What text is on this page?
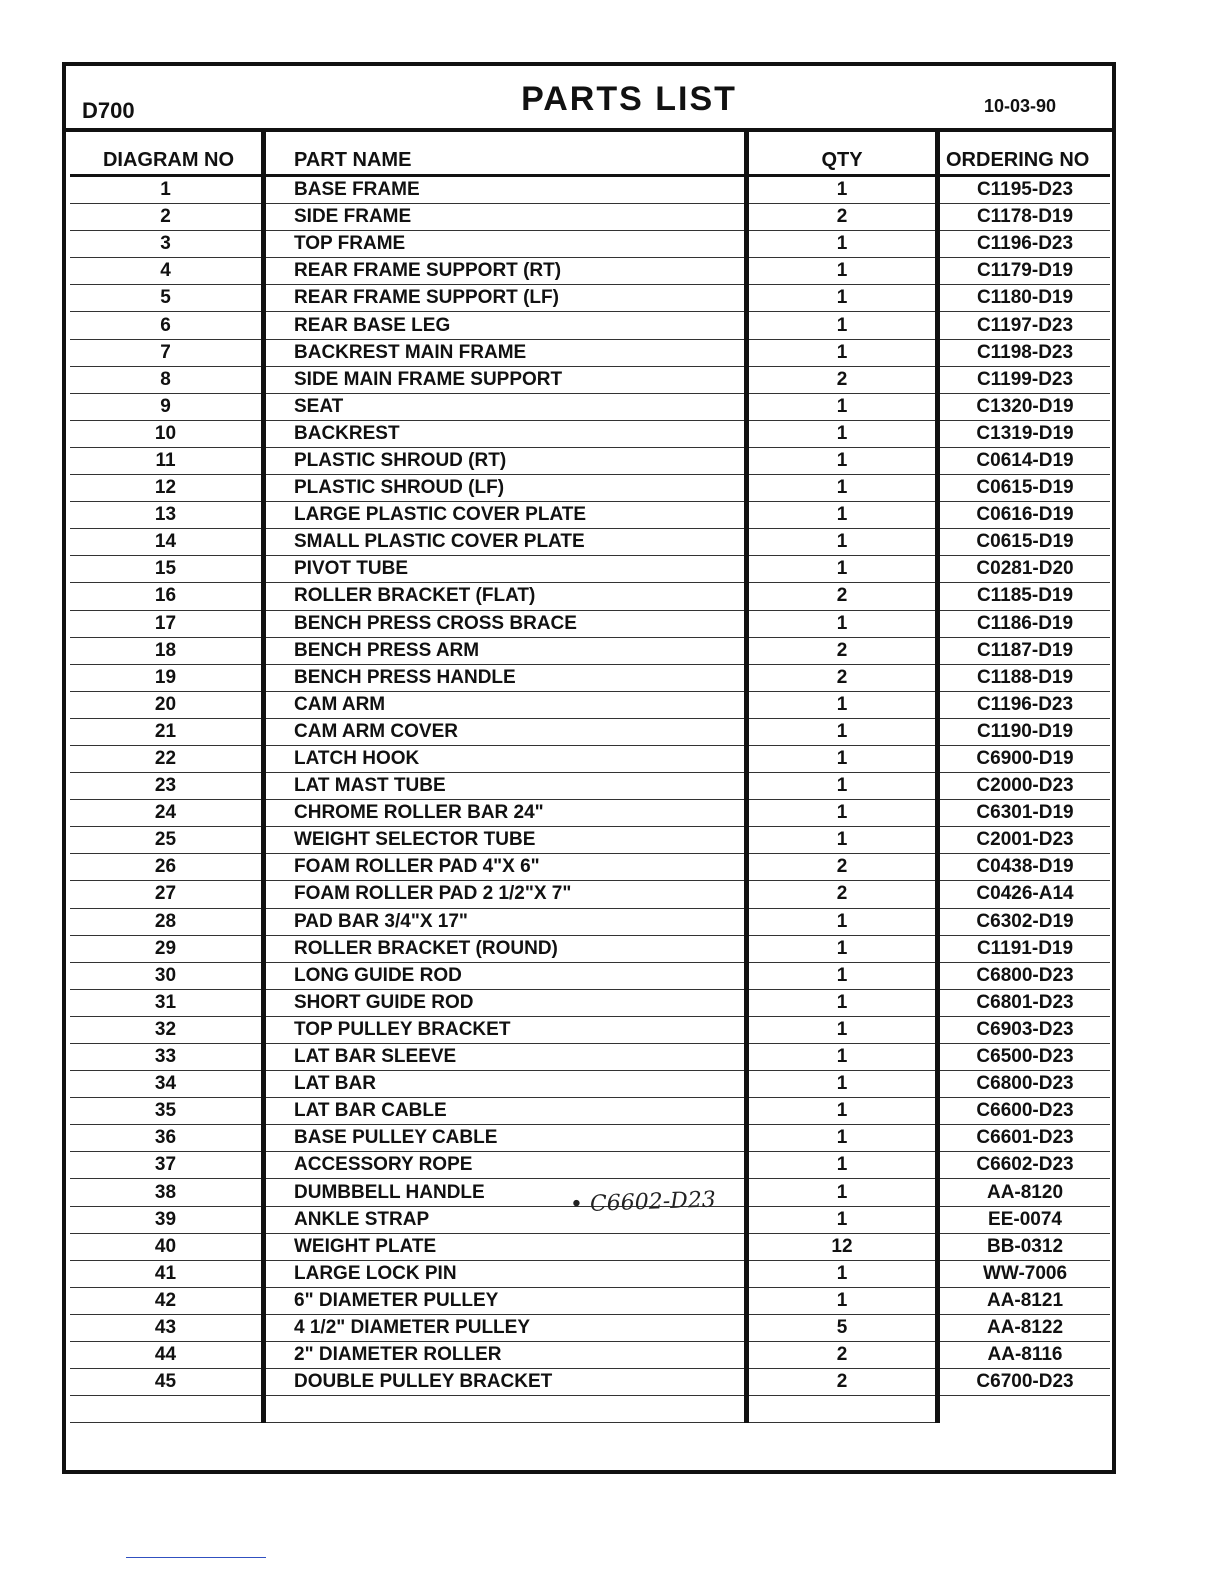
D700	PARTS LIST	10-03-90
DIAGRAM NO	PART NAME	QTY	ORDERING NO
1	BASE FRAME	1	C1195-D23
2	SIDE FRAME	2	C1178-D19
3	TOP FRAME	1	C1196-D23
4	REAR FRAME SUPPORT (RT)	1	C1179-D19
5	REAR FRAME SUPPORT (LF)	1	C1180-D19
6	REAR BASE LEG	1	C1197-D23
7	BACKREST MAIN FRAME	1	C1198-D23
8	SIDE MAIN FRAME SUPPORT	2	C1199-D23
9	SEAT	1	C1320-D19
10	BACKREST	1	C1319-D19
11	PLASTIC SHROUD (RT)	1	C0614-D19
12	PLASTIC SHROUD (LF)	1	C0615-D19
13	LARGE PLASTIC COVER PLATE	1	C0616-D19
14	SMALL PLASTIC COVER PLATE	1	C0615-D19
15	PIVOT TUBE	1	C0281-D20
16	ROLLER BRACKET (FLAT)	2	C1185-D19
17	BENCH PRESS CROSS BRACE	1	C1186-D19
18	BENCH PRESS ARM	2	C1187-D19
19	BENCH PRESS HANDLE	2	C1188-D19
20	CAM ARM	1	C1196-D23
21	CAM ARM COVER	1	C1190-D19
22	LATCH HOOK	1	C6900-D19
23	LAT MAST TUBE	1	C2000-D23
24	CHROME ROLLER BAR 24"	1	C6301-D19
25	WEIGHT SELECTOR TUBE	1	C2001-D23
26	FOAM ROLLER PAD 4"X 6"	2	C0438-D19
27	FOAM ROLLER PAD 2 1/2"X 7"	2	C0426-A14
28	PAD BAR 3/4"X 17"	1	C6302-D19
29	ROLLER BRACKET (ROUND)	1	C1191-D19
30	LONG GUIDE ROD	1	C6800-D23
31	SHORT GUIDE ROD	1	C6801-D23
32	TOP PULLEY BRACKET	1	C6903-D23
33	LAT BAR SLEEVE	1	C6500-D23
34	LAT BAR	1	C6800-D23
35	LAT BAR CABLE	1	C6600-D23
36	BASE PULLEY CABLE	1	C6601-D23
37	ACCESSORY ROPE	1	C6602-D23
38	DUMBBELL HANDLE	1	AA-8120
39	ANKLE STRAP	1	EE-0074
40	WEIGHT PLATE	12	BB-0312
41	LARGE LOCK PIN	1	WW-7006
42	6" DIAMETER PULLEY	1	AA-8121
43	4 1/2" DIAMETER PULLEY	5	AA-8122
44	2" DIAMETER ROLLER	2	AA-8116
45	DOUBLE PULLEY BRACKET	2	C6700-D23

• C6602-D23
